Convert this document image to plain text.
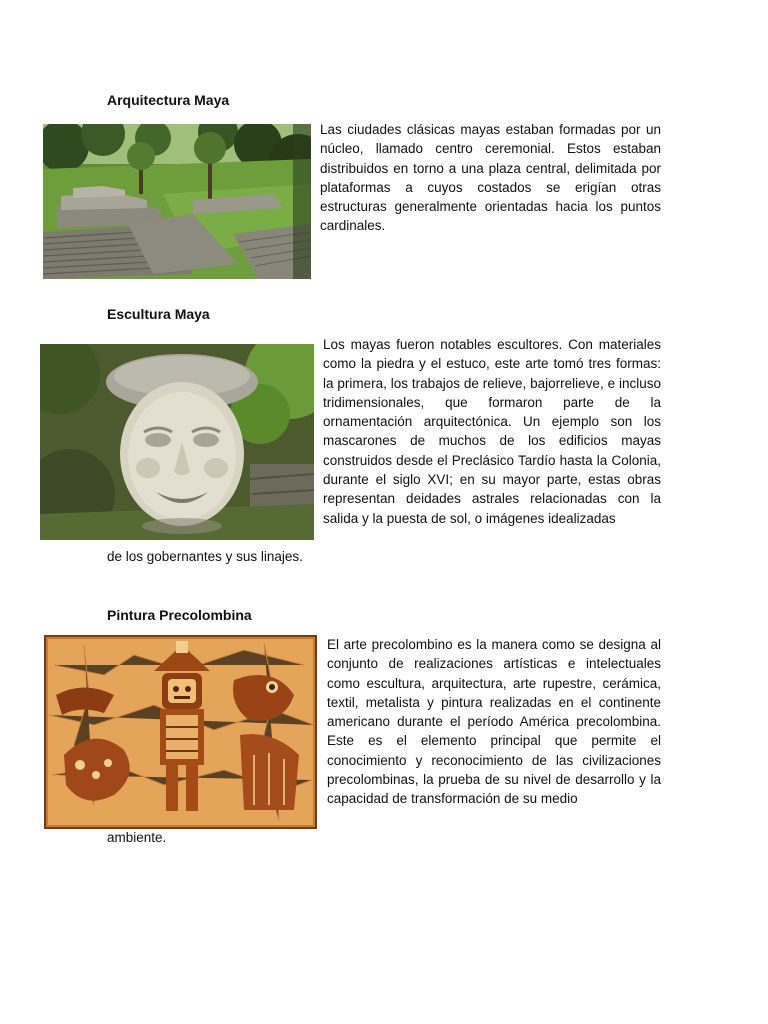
Arquitectura Maya

Las ciudades clásicas mayas estaban formadas por un núcleo, llamado centro ceremonial. Estos estaban distribuidos en torno a una plaza central, delimitada por plataformas a cuyos costados se erigían otras estructuras generalmente orientadas hacia los puntos cardinales.

Escultura Maya

Los mayas fueron notables escultores. Con materiales como la piedra y el estuco, este arte tomó tres formas: la primera, los trabajos de relieve, bajorrelieve, e incluso tridimensionales, que formaron parte de la ornamentación arquitectónica. Un ejemplo son los mascarones de muchos de los edificios mayas construidos desde el Preclásico Tardío hasta la Colonia, durante el siglo XVI; en su mayor parte, estas obras representan deidades astrales relacionadas con la salida y la puesta de sol, o imágenes idealizadas

de los gobernantes y sus linajes.

Pintura Precolombina

El arte precolombino es la manera como se designa al conjunto de realizaciones artísticas e intelectuales como escultura, arquitectura, arte rupestre, cerámica, textil, metalista y pintura realizadas en el continente americano durante el período América precolombina. Este es el elemento principal que permite el conocimiento y reconocimiento de las civilizaciones precolombinas, la prueba de su nivel de desarrollo y la capacidad de transformación de su medio

ambiente.
